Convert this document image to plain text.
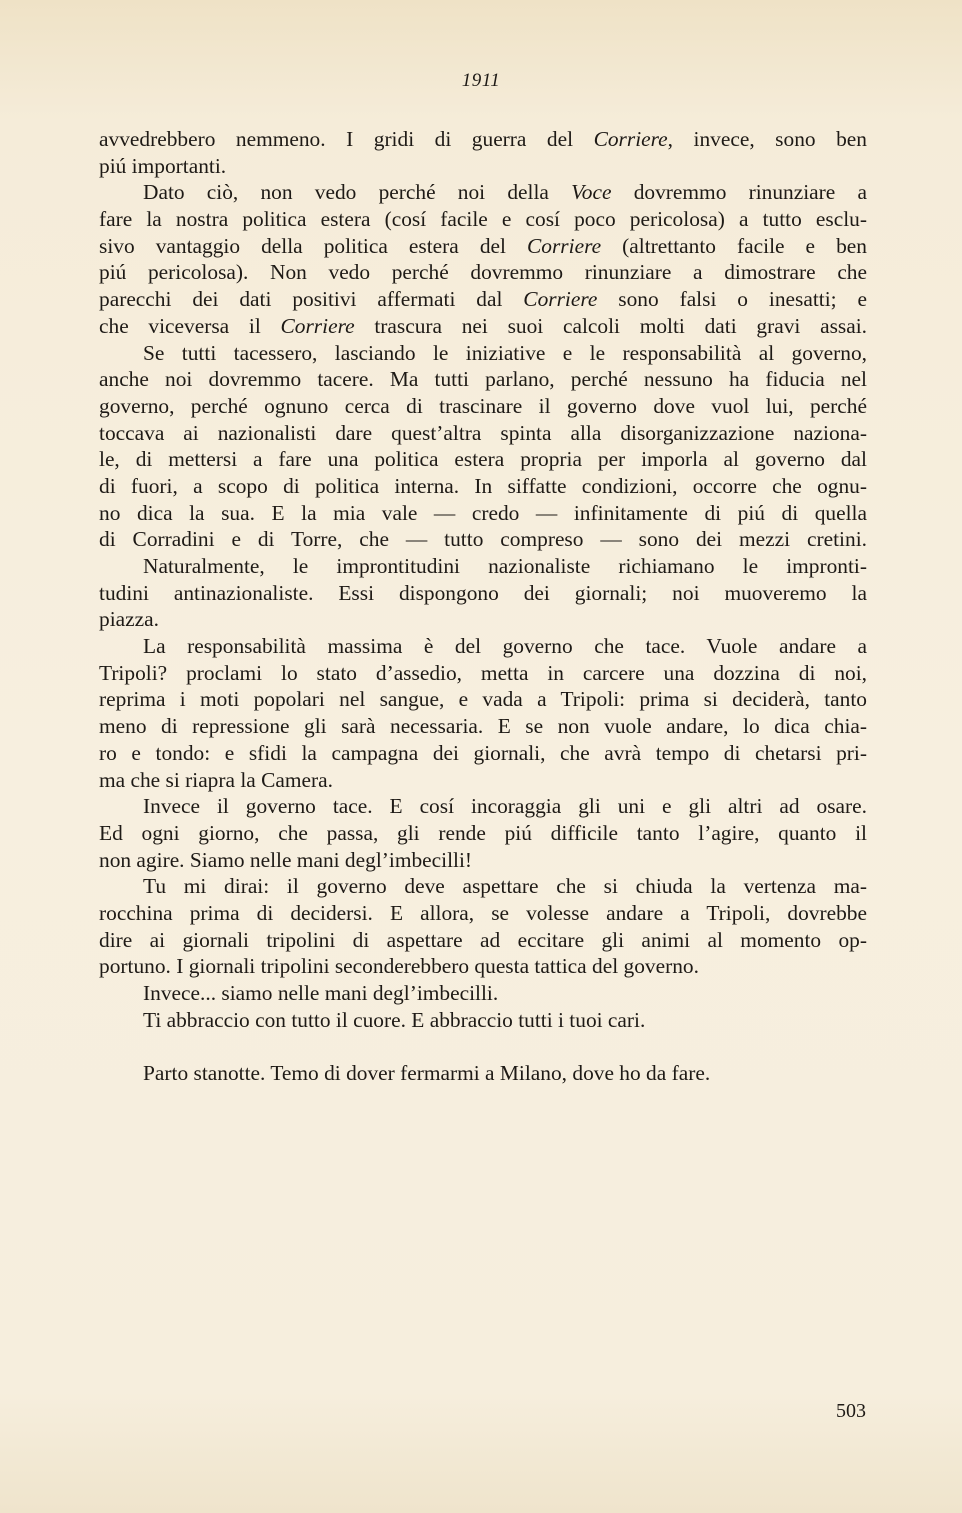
1911
avvedrebbero nemmeno. I gridi di guerra del Corriere, invece, sono ben
piú importanti.
Dato ciò, non vedo perché noi della Voce dovremmo rinunziare a
fare la nostra politica estera (cosí facile e cosí poco pericolosa) a tutto esclu-
sivo vantaggio della politica estera del Corriere (altrettanto facile e ben
piú pericolosa). Non vedo perché dovremmo rinunziare a dimostrare che
parecchi dei dati positivi affermati dal Corriere sono falsi o inesatti; e
che viceversa il Corriere trascura nei suoi calcoli molti dati gravi assai.
Se tutti tacessero, lasciando le iniziative e le responsabilità al governo,
anche noi dovremmo tacere. Ma tutti parlano, perché nessuno ha fiducia nel
governo, perché ognuno cerca di trascinare il governo dove vuol lui, perché
toccava ai nazionalisti dare quest’altra spinta alla disorganizzazione naziona-
le, di mettersi a fare una politica estera propria per imporla al governo dal
di fuori, a scopo di politica interna. In siffatte condizioni, occorre che ognu-
no dica la sua. E la mia vale — credo — infinitamente di piú di quella
di Corradini e di Torre, che — tutto compreso — sono dei mezzi cretini.
Naturalmente, le improntitudini nazionaliste richiamano le impronti-
tudini antinazionaliste. Essi dispongono dei giornali; noi muoveremo la
piazza.
La responsabilità massima è del governo che tace. Vuole andare a
Tripoli? proclami lo stato d’assedio, metta in carcere una dozzina di noi,
reprima i moti popolari nel sangue, e vada a Tripoli: prima si deciderà, tanto
meno di repressione gli sarà necessaria. E se non vuole andare, lo dica chia-
ro e tondo: e sfidi la campagna dei giornali, che avrà tempo di chetarsi pri-
ma che si riapra la Camera.
Invece il governo tace. E cosí incoraggia gli uni e gli altri ad osare.
Ed ogni giorno, che passa, gli rende piú difficile tanto l’agire, quanto il
non agire. Siamo nelle mani degl’imbecilli!
Tu mi dirai: il governo deve aspettare che si chiuda la vertenza ma-
rocchina prima di decidersi. E allora, se volesse andare a Tripoli, dovrebbe
dire ai giornali tripolini di aspettare ad eccitare gli animi al momento op-
portuno. I giornali tripolini seconderebbero questa tattica del governo.
Invece... siamo nelle mani degl’imbecilli.
Ti abbraccio con tutto il cuore. E abbraccio tutti i tuoi cari.
Parto stanotte. Temo di dover fermarmi a Milano, dove ho da fare.
503
